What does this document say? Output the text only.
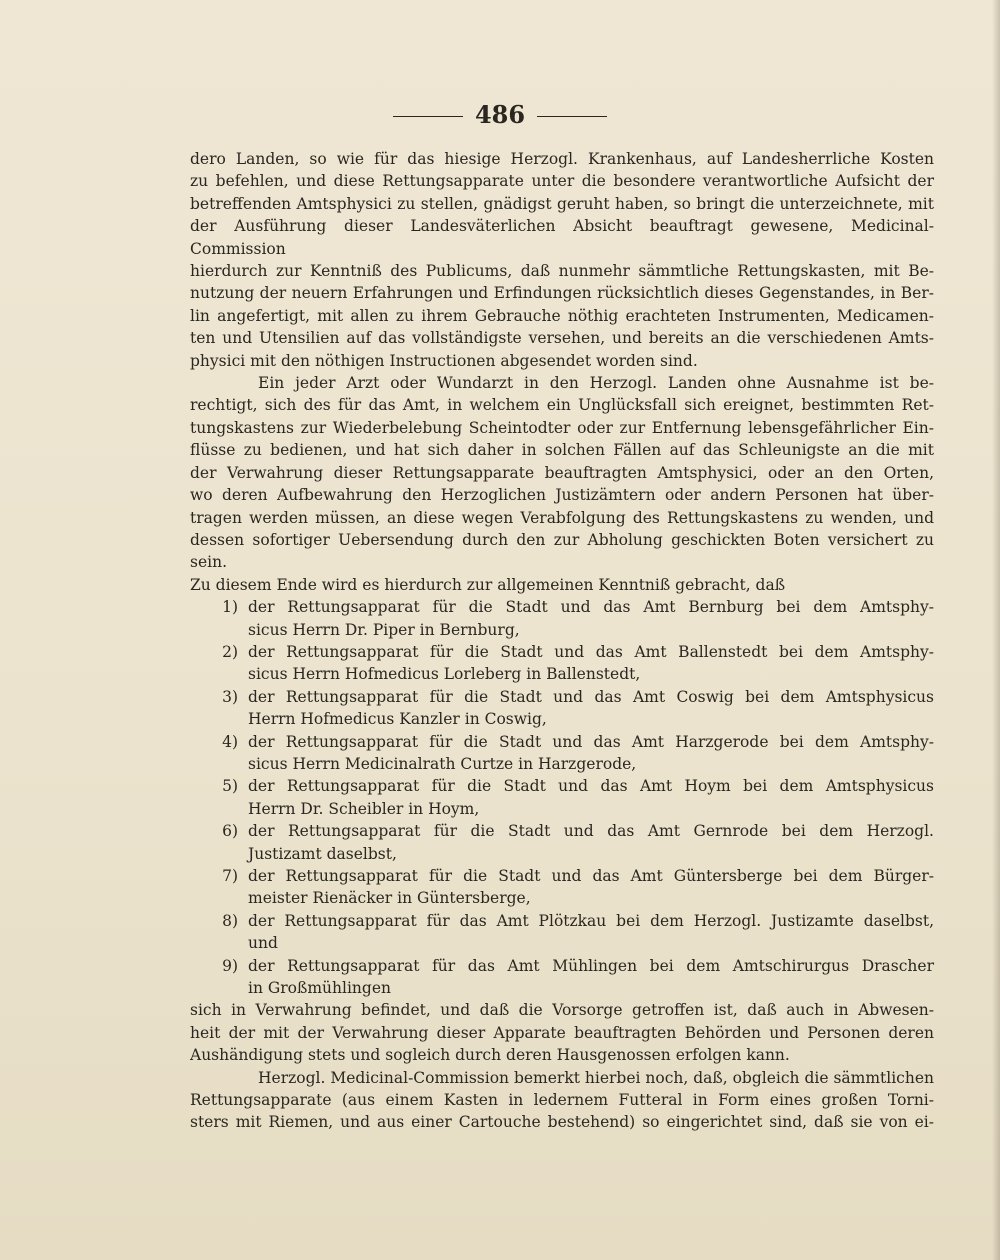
486
dero Landen, so wie für das hiesige Herzogl. Krankenhaus, auf Landesherrliche Kosten
zu befehlen, und diese Rettungsapparate unter die besondere verantwortliche Aufsicht der
betreffenden Amtsphysici zu stellen, gnädigst geruht haben, so bringt die unterzeichnete, mit
der Ausführung dieser Landesväterlichen Absicht beauftragt gewesene, Medicinal-Commission
hierdurch zur Kenntniß des Publicums, daß nunmehr sämmtliche Rettungskasten, mit Be-
nutzung der neuern Erfahrungen und Erfindungen rücksichtlich dieses Gegenstandes, in Ber-
lin angefertigt, mit allen zu ihrem Gebrauche nöthig erachteten Instrumenten, Medicamen-
ten und Utensilien auf das vollständigste versehen, und bereits an die verschiedenen Amts-
physici mit den nöthigen Instructionen abgesendet worden sind.
Ein jeder Arzt oder Wundarzt in den Herzogl. Landen ohne Ausnahme ist be-
rechtigt, sich des für das Amt, in welchem ein Unglücksfall sich ereignet, bestimmten Ret-
tungskastens zur Wiederbelebung Scheintodter oder zur Entfernung lebensgefährlicher Ein-
flüsse zu bedienen, und hat sich daher in solchen Fällen auf das Schleunigste an die mit
der Verwahrung dieser Rettungsapparate beauftragten Amtsphysici, oder an den Orten,
wo deren Aufbewahrung den Herzoglichen Justizämtern oder andern Personen hat über-
tragen werden müssen, an diese wegen Verabfolgung des Rettungskastens zu wenden, und
dessen sofortiger Uebersendung durch den zur Abholung geschickten Boten versichert zu sein.
Zu diesem Ende wird es hierdurch zur allgemeinen Kenntniß gebracht, daß
1) der Rettungsapparat für die Stadt und das Amt Bernburg bei dem Amtsphy-
sicus Herrn Dr. Piper in Bernburg,
2) der Rettungsapparat für die Stadt und das Amt Ballenstedt bei dem Amtsphy-
sicus Herrn Hofmedicus Lorleberg in Ballenstedt,
3) der Rettungsapparat für die Stadt und das Amt Coswig bei dem Amtsphysicus
Herrn Hofmedicus Kanzler in Coswig,
4) der Rettungsapparat für die Stadt und das Amt Harzgerode bei dem Amtsphy-
sicus Herrn Medicinalrath Curtze in Harzgerode,
5) der Rettungsapparat für die Stadt und das Amt Hoym bei dem Amtsphysicus
Herrn Dr. Scheibler in Hoym,
6) der Rettungsapparat für die Stadt und das Amt Gernrode bei dem Herzogl.
Justizamt daselbst,
7) der Rettungsapparat für die Stadt und das Amt Güntersberge bei dem Bürger-
meister Rienäcker in Güntersberge,
8) der Rettungsapparat für das Amt Plötzkau bei dem Herzogl. Justizamte daselbst,
und
9) der Rettungsapparat für das Amt Mühlingen bei dem Amtschirurgus Drascher
in Großmühlingen
sich in Verwahrung befindet, und daß die Vorsorge getroffen ist, daß auch in Abwesen-
heit der mit der Verwahrung dieser Apparate beauftragten Behörden und Personen deren
Aushändigung stets und sogleich durch deren Hausgenossen erfolgen kann.
Herzogl. Medicinal-Commission bemerkt hierbei noch, daß, obgleich die sämmtlichen
Rettungsapparate (aus einem Kasten in ledernem Futteral in Form eines großen Torni-
sters mit Riemen, und aus einer Cartouche bestehend) so eingerichtet sind, daß sie von ei-
